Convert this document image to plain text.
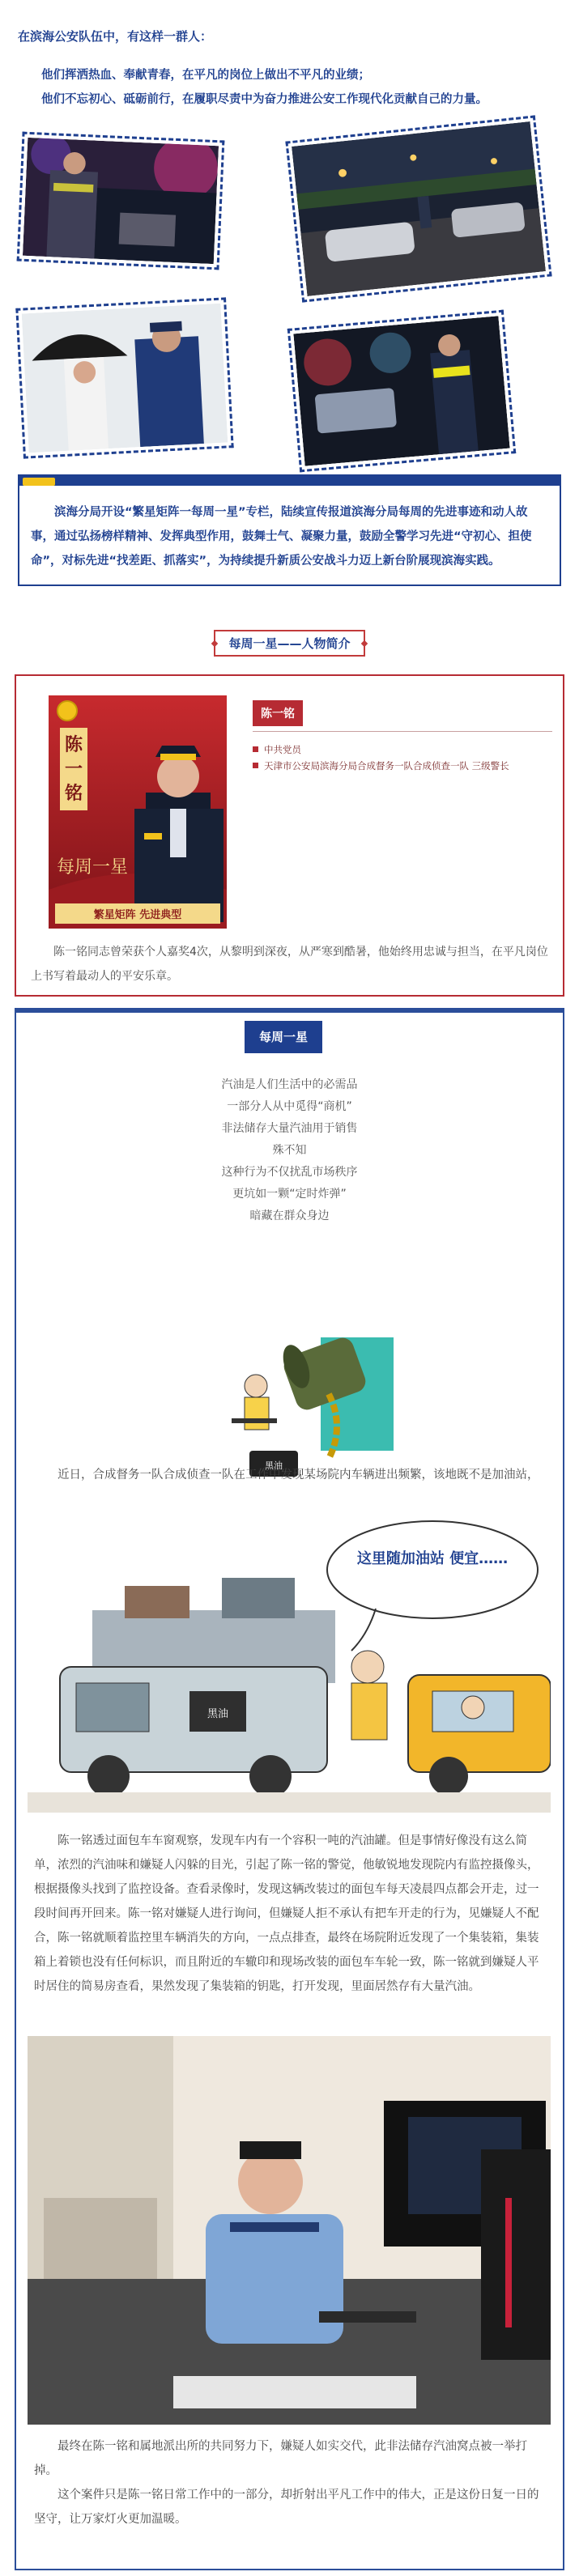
在滨海公安队伍中，有这样一群人：

他们挥洒热血、奉献青春，在平凡的岗位上做出不平凡的业绩；

他们不忘初心、砥砺前行，在履职尽责中为奋力推进公安工作现代化贡献自己的力量。

滨海分局开设“繁星矩阵一每周一星”专栏，陆续宣传报道滨海分局每周的先进事迹和动人故事，通过弘扬榜样精神、发挥典型作用，鼓舞士气、凝聚力量，鼓励全警学习先进“守初心、担使命”，对标先进“找差距、抓落实”，为持续提升新质公安战斗力迈上新台阶展现滨海实践。

每周一星——人物简介
陈一铭
每周一星
繁星矩阵 先进典型
陈一铭
中共党员
天津市公安局滨海分局合成督务一队合成侦查一队 三级警长

陈一铭同志曾荣获个人嘉奖4次，从黎明到深夜，从严寒到酷暑，他始终用忠诚与担当，在平凡岗位上书写着最动人的平安乐章。

每周一星
汽油是人们生活中的必需品
一部分人从中觅得“商机”
非法储存大量汽油用于销售
殊不知
这种行为不仅扰乱市场秩序
更坑如一颗“定时炸弹”
暗藏在群众身边
黑油

近日，合成督务一队合成侦查一队在工作中发现某场院内车辆进出频繁，该地既不是加油站，

这里随加油站 便宜……
黑油

陈一铭透过面包车车窗观察，发现车内有一个容积一吨的汽油罐。但是事情好像没有这么简单，浓烈的汽油味和嫌疑人闪躲的目光，引起了陈一铭的警觉，他敏锐地发现院内有监控摄像头，根据摄像头找到了监控设备。查看录像时，发现这辆改装过的面包车每天凌晨四点都会开走，过一段时间再开回来。陈一铭对嫌疑人进行询问，但嫌疑人拒不承认有把车开走的行为，见嫌疑人不配合，陈一铭就顺着监控里车辆消失的方向，一点点排查，最终在场院附近发现了一个集装箱，集装箱上着锁也没有任何标识，而且附近的车辙印和现场改装的面包车车轮一致，陈一铭就到嫌疑人平时居住的简易房查看，果然发现了集装箱的钥匙，打开发现，里面居然存有大量汽油。

最终在陈一铭和属地派出所的共同努力下，嫌疑人如实交代，此非法储存汽油窝点被一举打掉。

这个案件只是陈一铭日常工作中的一部分，却折射出平凡工作中的伟大，正是这份日复一日的坚守，让万家灯火更加温暖。
